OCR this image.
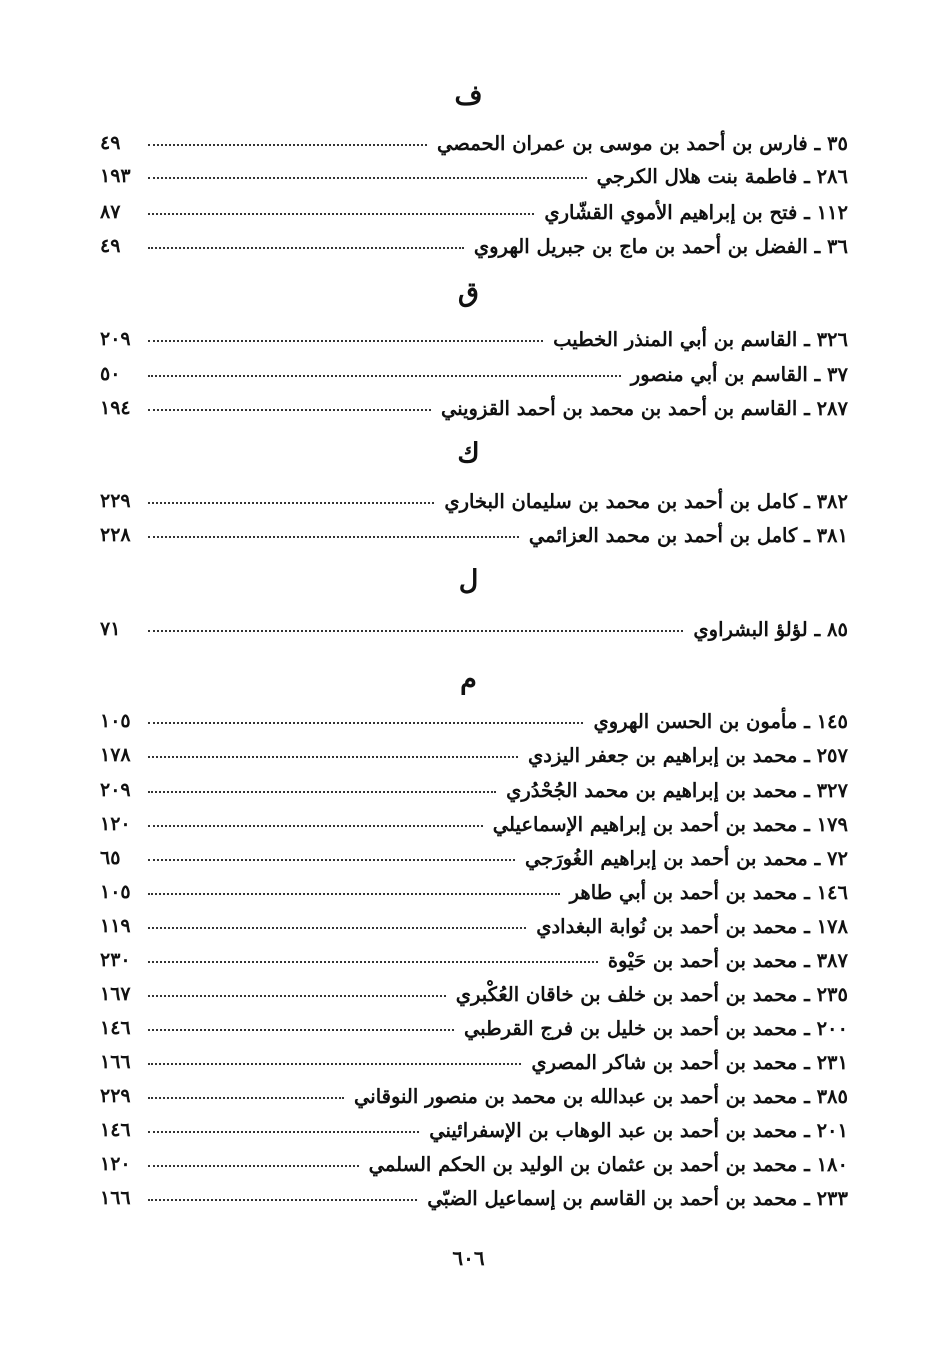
ف
٣٥ ـ فارس بن أحمد بن موسى بن عمران الحمصي
٤٩
٢٨٦ ـ فاطمة بنت هلال الكرجي
١٩٣
١١٢ ـ فتح بن إبراهيم الأموي القشّاري
٨٧
٣٦ ـ الفضل بن أحمد بن ماج بن جبريل الهروي
٤٩
ق
٣٢٦ ـ القاسم بن أبي المنذر الخطيب
٢٠٩
٣٧ ـ القاسم بن أبي منصور
٥٠
٢٨٧ ـ القاسم بن أحمد بن محمد بن أحمد القزويني
١٩٤
ك
٣٨٢ ـ كامل بن أحمد بن محمد بن سليمان البخاري
٢٢٩
٣٨١ ـ كامل بن أحمد بن محمد العزائمي
٢٢٨
ل
٨٥ ـ لؤلؤ البشراوي
٧١
م
١٤٥ ـ مأمون بن الحسن الهروي
١٠٥
٢٥٧ ـ محمد بن إبراهيم بن جعفر اليزدي
١٧٨
٣٢٧ ـ محمد بن إبراهيم بن محمد الجُحْدُري
٢٠٩
١٧٩ ـ محمد بن أحمد بن إبراهيم الإسماعيلي
١٢٠
٧٢ ـ محمد بن أحمد بن إبراهيم الغُورَجي
٦٥
١٤٦ ـ محمد بن أحمد بن أبي طاهر
١٠٥
١٧٨ ـ محمد بن أحمد بن نُوابة البغدادي
١١٩
٣٨٧ ـ محمد بن أحمد بن حَيْوة
٢٣٠
٢٣٥ ـ محمد بن أحمد بن خلف بن خاقان العُكْبري
١٦٧
٢٠٠ ـ محمد بن أحمد بن خليل بن فرج القرطبي
١٤٦
٢٣١ ـ محمد بن أحمد بن شاكر المصري
١٦٦
٣٨٥ ـ محمد بن أحمد بن عبدالله بن محمد بن منصور النوقاني
٢٢٩
٢٠١ ـ محمد بن أحمد بن عبد الوهاب بن الإسفرائيني
١٤٦
١٨٠ ـ محمد بن أحمد بن عثمان بن الوليد بن الحكم السلمي
١٢٠
٢٣٣ ـ محمد بن أحمد بن القاسم بن إسماعيل الضبّي
١٦٦
٦٠٦
